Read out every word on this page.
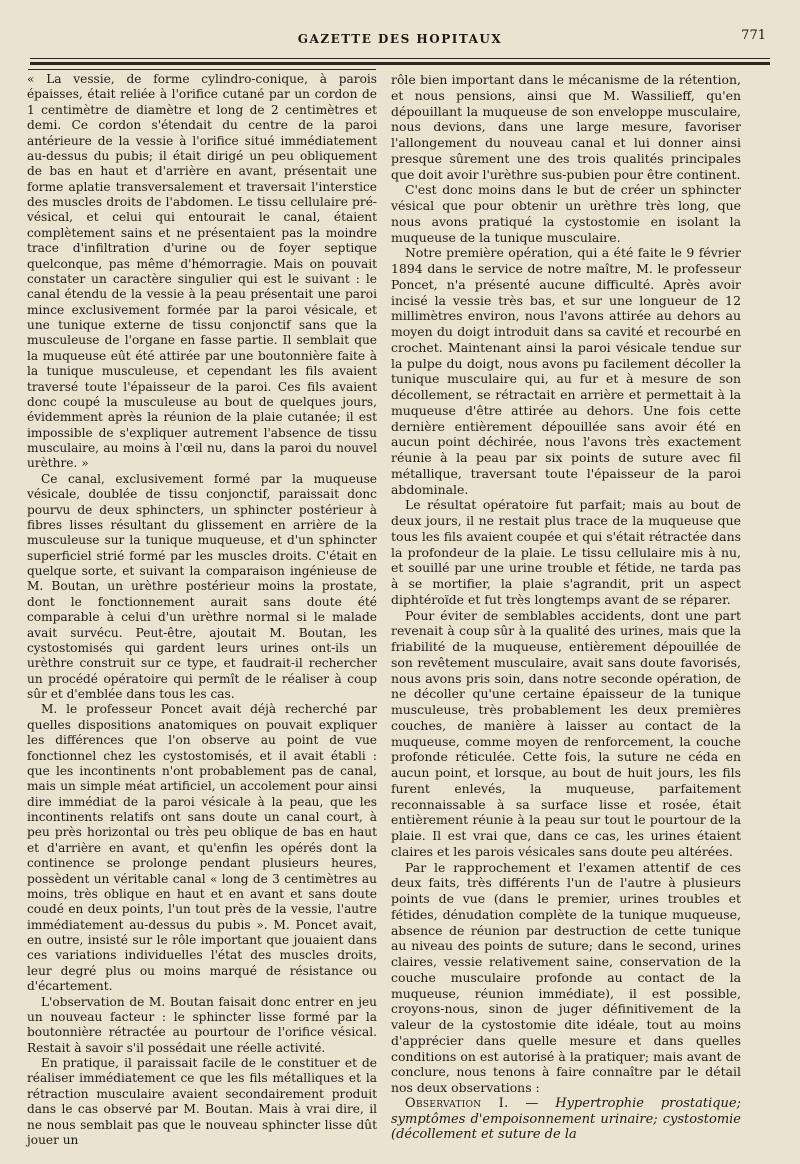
GAZETTE DES HOPITAUX	771

« La vessie, de forme cylindro-conique, à parois épaisses, était reliée à l'orifice cutané par un cordon de 1 centimètre de diamètre et long de 2 centimètres et demi. Ce cordon s'étendait du centre de la paroi antérieure de la vessie à l'orifice situé immédiatement au-dessus du pubis; il était dirigé un peu obliquement de bas en haut et d'arrière en avant, présentait une forme aplatie transversalement et traversait l'interstice des muscles droits de l'abdomen. Le tissu cellulaire pré-vésical, et celui qui entourait le canal, étaient complètement sains et ne présentaient pas la moindre trace d'infiltration d'urine ou de foyer septique quelconque, pas même d'hémorragie. Mais on pouvait constater un caractère singulier qui est le suivant : le canal étendu de la vessie à la peau présentait une paroi mince exclusivement formée par la paroi vésicale, et une tunique externe de tissu conjonctif sans que la musculeuse de l'organe en fasse partie. Il semblait que la muqueuse eût été attirée par une boutonnière faite à la tunique musculeuse, et cependant les fils avaient traversé toute l'épaisseur de la paroi. Ces fils avaient donc coupé la musculeuse au bout de quelques jours, évidemment après la réunion de la plaie cutanée; il est impossible de s'expliquer autrement l'absence de tissu musculaire, au moins à l'œil nu, dans la paroi du nouvel urèthre. »

Ce canal, exclusivement formé par la muqueuse vésicale, doublée de tissu conjonctif, paraissait donc pourvu de deux sphincters, un sphincter postérieur à fibres lisses résultant du glissement en arrière de la musculeuse sur la tunique muqueuse, et d'un sphincter superficiel strié formé par les muscles droits. C'était en quelque sorte, et suivant la comparaison ingénieuse de M. Boutan, un urèthre postérieur moins la prostate, dont le fonctionnement aurait sans doute été comparable à celui d'un urèthre normal si le malade avait survécu. Peut-être, ajoutait M. Boutan, les cystostomisés qui gardent leurs urines ont-ils un urèthre construit sur ce type, et faudrait-il rechercher un procédé opératoire qui permît de le réaliser à coup sûr et d'emblée dans tous les cas.

M. le professeur Poncet avait déjà recherché par quelles dispositions anatomiques on pouvait expliquer les différences que l'on observe au point de vue fonctionnel chez les cystostomisés, et il avait établi : que les incontinents n'ont probablement pas de canal, mais un simple méat artificiel, un accolement pour ainsi dire immédiat de la paroi vésicale à la peau, que les incontinents relatifs ont sans doute un canal court, à peu près horizontal ou très peu oblique de bas en haut et d'arrière en avant, et qu'enfin les opérés dont la continence se prolonge pendant plusieurs heures, possèdent un véritable canal « long de 3 centimètres au moins, très oblique en haut et en avant et sans doute coudé en deux points, l'un tout près de la vessie, l'autre immédiatement au-dessus du pubis ». M. Poncet avait, en outre, insisté sur le rôle important que jouaient dans ces variations individuelles l'état des muscles droits, leur degré plus ou moins marqué de résistance ou d'écartement.

L'observation de M. Boutan faisait donc entrer en jeu un nouveau facteur : le sphincter lisse formé par la boutonnière rétractée au pourtour de l'orifice vésical. Restait à savoir s'il possédait une réelle activité.

En pratique, il paraissait facile de le constituer et de réaliser immédiatement ce que les fils métalliques et la rétraction musculaire avaient secondairement produit dans le cas observé par M. Boutan. Mais à vrai dire, il ne nous semblait pas que le nouveau sphincter lisse dût jouer un

rôle bien important dans le mécanisme de la rétention, et nous pensions, ainsi que M. Wassilieff, qu'en dépouillant la muqueuse de son enveloppe musculaire, nous devions, dans une large mesure, favoriser l'allongement du nouveau canal et lui donner ainsi presque sûrement une des trois qualités principales que doit avoir l'urèthre sus-pubien pour être continent.

C'est donc moins dans le but de créer un sphincter vésical que pour obtenir un urèthre très long, que nous avons pratiqué la cystostomie en isolant la muqueuse de la tunique musculaire.

Notre première opération, qui a été faite le 9 février 1894 dans le service de notre maître, M. le professeur Poncet, n'a présenté aucune difficulté. Après avoir incisé la vessie très bas, et sur une longueur de 12 millimètres environ, nous l'avons attirée au dehors au moyen du doigt introduit dans sa cavité et recourbé en crochet. Maintenant ainsi la paroi vésicale tendue sur la pulpe du doigt, nous avons pu facilement décoller la tunique musculaire qui, au fur et à mesure de son décollement, se rétractait en arrière et permettait à la muqueuse d'être attirée au dehors. Une fois cette dernière entièrement dépouillée sans avoir été en aucun point déchirée, nous l'avons très exactement réunie à la peau par six points de suture avec fil métallique, traversant toute l'épaisseur de la paroi abdominale.

Le résultat opératoire fut parfait; mais au bout de deux jours, il ne restait plus trace de la muqueuse que tous les fils avaient coupée et qui s'était rétractée dans la profondeur de la plaie. Le tissu cellulaire mis à nu, et souillé par une urine trouble et fétide, ne tarda pas à se mortifier, la plaie s'agrandit, prit un aspect diphtéroïde et fut très longtemps avant de se réparer.

Pour éviter de semblables accidents, dont une part revenait à coup sûr à la qualité des urines, mais que la friabilité de la muqueuse, entièrement dépouillée de son revêtement musculaire, avait sans doute favorisés, nous avons pris soin, dans notre seconde opération, de ne décoller qu'une certaine épaisseur de la tunique musculeuse, très probablement les deux premières couches, de manière à laisser au contact de la muqueuse, comme moyen de renforcement, la couche profonde réticulée. Cette fois, la suture ne céda en aucun point, et lorsque, au bout de huit jours, les fils furent enlevés, la muqueuse, parfaitement reconnaissable à sa surface lisse et rosée, était entièrement réunie à la peau sur tout le pourtour de la plaie. Il est vrai que, dans ce cas, les urines étaient claires et les parois vésicales sans doute peu altérées.

Par le rapprochement et l'examen attentif de ces deux faits, très différents l'un de l'autre à plusieurs points de vue (dans le premier, urines troubles et fétides, dénudation complète de la tunique muqueuse, absence de réunion par destruction de cette tunique au niveau des points de suture; dans le second, urines claires, vessie relativement saine, conservation de la couche musculaire profonde au contact de la muqueuse, réunion immédiate), il est possible, croyons-nous, sinon de juger définitivement de la valeur de la cystostomie dite idéale, tout au moins d'apprécier dans quelle mesure et dans quelles conditions on est autorisé à la pratiquer; mais avant de conclure, nous tenons à faire connaître par le détail nos deux observations :

Observation I. — Hypertrophie prostatique; symptômes d'empoisonnement urinaire; cystostomie (décollement et suture de la
